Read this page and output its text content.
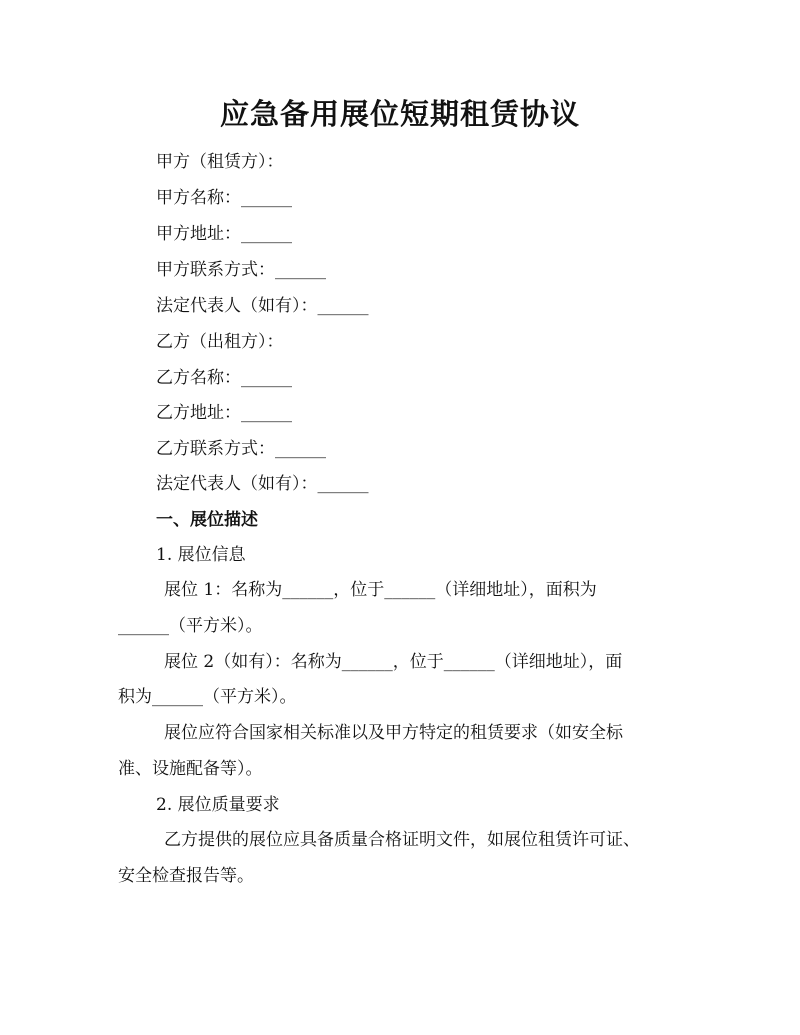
应急备用展位短期租赁协议
甲方（租赁方）：
甲方名称：______
甲方地址：______
甲方联系方式：______
法定代表人（如有）：______
乙方（出租方）：
乙方名称：______
乙方地址：______
乙方联系方式：______
法定代表人（如有）：______
一、展位描述
1. 展位信息
展位 1：名称为______，位于______（详细地址），面积为
______（平方米）。
展位 2（如有）：名称为______，位于______（详细地址），面
积为______（平方米）。
展位应符合国家相关标准以及甲方特定的租赁要求（如安全标
准、设施配备等）。
2. 展位质量要求
乙方提供的展位应具备质量合格证明文件，如展位租赁许可证、
安全检查报告等。
